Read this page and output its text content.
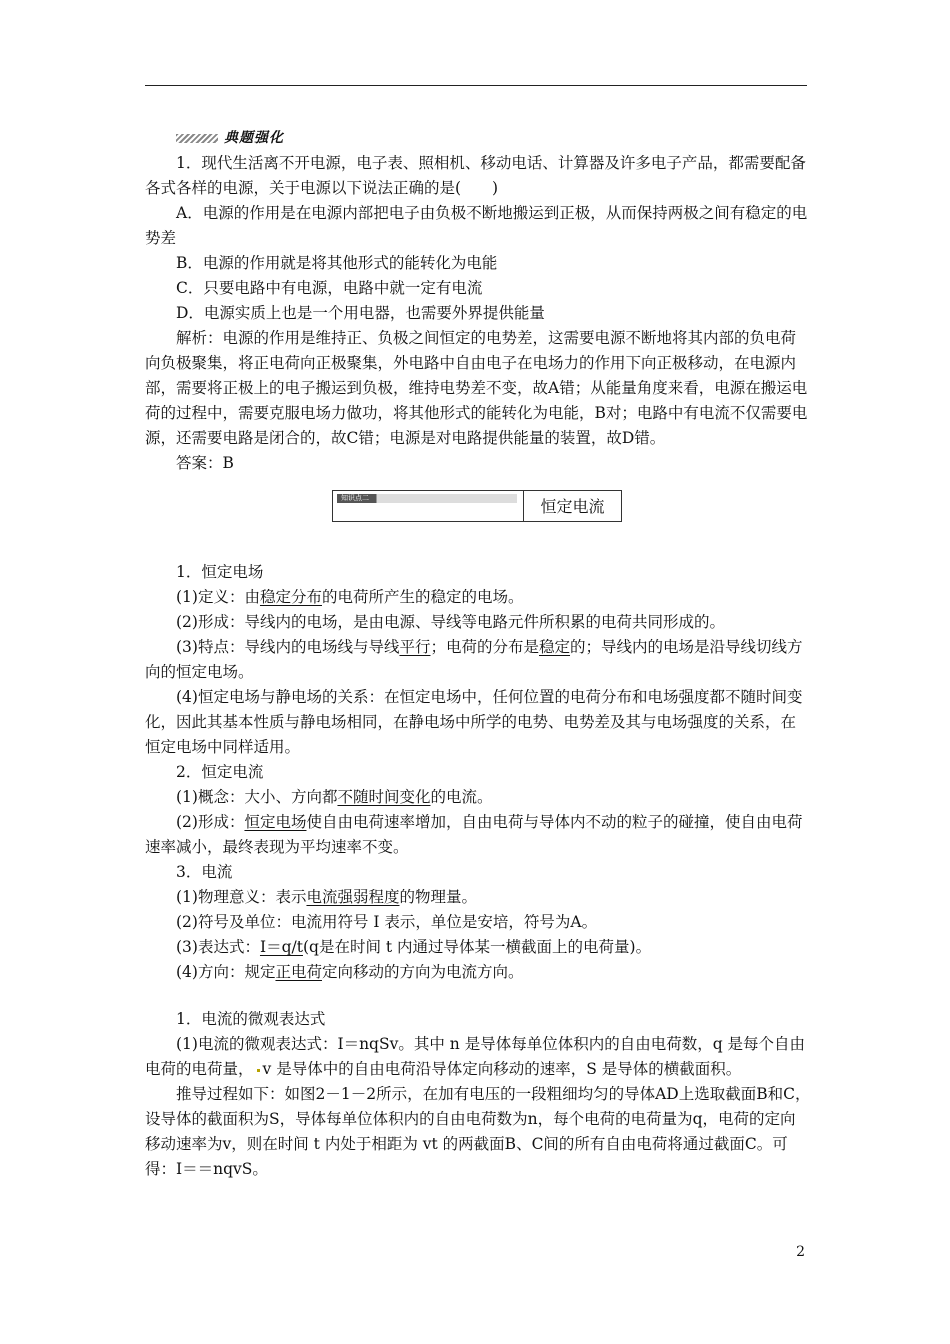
典题强化

1．现代生活离不开电源，电子表、照相机、移动电话、计算器及许多电子产品，都需要配备各式各样的电源，关于电源以下说法正确的是(　　)

A．电源的作用是在电源内部把电子由负极不断地搬运到正极，从而保持两极之间有稳定的电势差

B．电源的作用就是将其他形式的能转化为电能

C．只要电路中有电源，电路中就一定有电流

D．电源实质上也是一个用电器，也需要外界提供能量

解析：电源的作用是维持正、负极之间恒定的电势差，这需要电源不断地将其内部的负电荷向负极聚集，将正电荷向正极聚集，外电路中自由电子在电场力的作用下向正极移动，在电源内部，需要将正极上的电子搬运到负极，维持电势差不变，故A错；从能量角度来看，电源在搬运电荷的过程中，需要克服电场力做功，将其他形式的能转化为电能，B对；电路中有电流不仅需要电源，还需要电路是闭合的，故C错；电源是对电路提供能量的装置，故D错。

答案：B

知识点二	恒定电流

1．恒定电场

(1)定义：由稳定分布的电荷所产生的稳定的电场。

(2)形成：导线内的电场，是由电源、导线等电路元件所积累的电荷共同形成的。

(3)特点：导线内的电场线与导线平行；电荷的分布是稳定的；导线内的电场是沿导线切线方向的恒定电场。

(4)恒定电场与静电场的关系：在恒定电场中，任何位置的电荷分布和电场强度都不随时间变化，因此其基本性质与静电场相同，在静电场中所学的电势、电势差及其与电场强度的关系，在恒定电场中同样适用。

2．恒定电流

(1)概念：大小、方向都不随时间变化的电流。

(2)形成：恒定电场使自由电荷速率增加，自由电荷与导体内不动的粒子的碰撞，使自由电荷速率减小，最终表现为平均速率不变。

3．电流

(1)物理意义：表示电流强弱程度的物理量。

(2)符号及单位：电流用符号 I 表示，单位是安培，符号为A。

(3)表达式：I＝q/t(q是在时间 t 内通过导体某一横截面上的电荷量)。

(4)方向：规定正电荷定向移动的方向为电流方向。

1．电流的微观表达式

(1)电流的微观表达式：I＝nqSv。其中 n 是导体每单位体积内的自由电荷数，q 是每个自由电荷的电荷量， v 是导体中的自由电荷沿导体定向移动的速率，S 是导体的横截面积。

推导过程如下：如图2－1－2所示，在加有电压的一段粗细均匀的导体AD上选取截面B和C，设导体的截面积为S，导体每单位体积内的自由电荷数为n，每个电荷的电荷量为q，电荷的定向移动速率为v，则在时间 t 内处于相距为 vt 的两截面B、C间的所有自由电荷将通过截面C。可得：I＝＝nqvS。

2
